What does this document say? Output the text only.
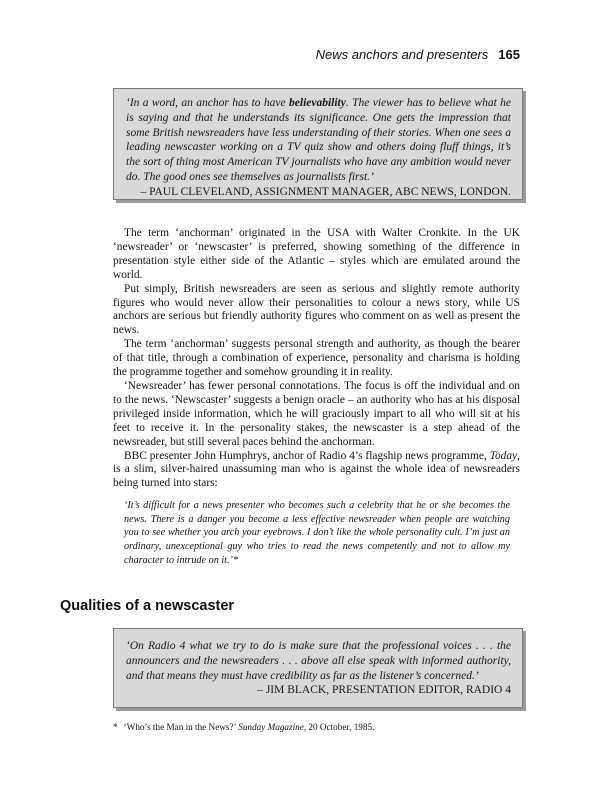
News anchors and presenters 165

‘In a word, an anchor has to have believability. The viewer has to believe what he is saying and that he understands its significance. One gets the impression that some British newsreaders have less understanding of their stories. When one sees a leading newscaster working on a TV quiz show and others doing fluff things, it’s the sort of thing most American TV journalists who have any ambition would never do. The good ones see themselves as journalists first.’

– PAUL CLEVELAND, ASSIGNMENT MANAGER, ABC NEWS, LONDON.

The term ‘anchorman’ originated in the USA with Walter Cronkite. In the UK ‘newsreader’ or ‘newscaster’ is preferred, showing something of the difference in presentation style either side of the Atlantic – styles which are emulated around the world.

Put simply, British newsreaders are seen as serious and slightly remote authority figures who would never allow their personalities to colour a news story, while US anchors are serious but friendly authority figures who comment on as well as present the news.

The term ‘anchorman’ suggests personal strength and authority, as though the bearer of that title, through a combination of experience, personality and charisma is holding the programme together and somehow grounding it in reality.

‘Newsreader’ has fewer personal connotations. The focus is off the individual and on to the news. ‘Newscaster’ suggests a benign oracle – an authority who has at his disposal privileged inside information, which he will graciously impart to all who will sit at his feet to receive it. In the personality stakes, the newscaster is a step ahead of the newsreader, but still several paces behind the anchorman.

BBC presenter John Humphrys, anchor of Radio 4’s flagship news programme, Today, is a slim, silver-haired unassuming man who is against the whole idea of newsreaders being turned into stars:

‘It’s difficult for a news presenter who becomes such a celebrity that he or she becomes the news. There is a danger you become a less effective newsreader when people are watching you to see whether you arch your eyebrows. I don’t like the whole personality cult. I’m just an ordinary, unexceptional guy who tries to read the news competently and not to allow my character to intrude on it.’*

Qualities of a newscaster

‘On Radio 4 what we try to do is make sure that the professional voices . . . the announcers and the newsreaders . . . above all else speak with informed authority, and that means they must have credibility as far as the listener’s concerned.’

– JIM BLACK, PRESENTATION EDITOR, RADIO 4

* ‘Who’s the Man in the News?’ Sunday Magazine, 20 October, 1985.
